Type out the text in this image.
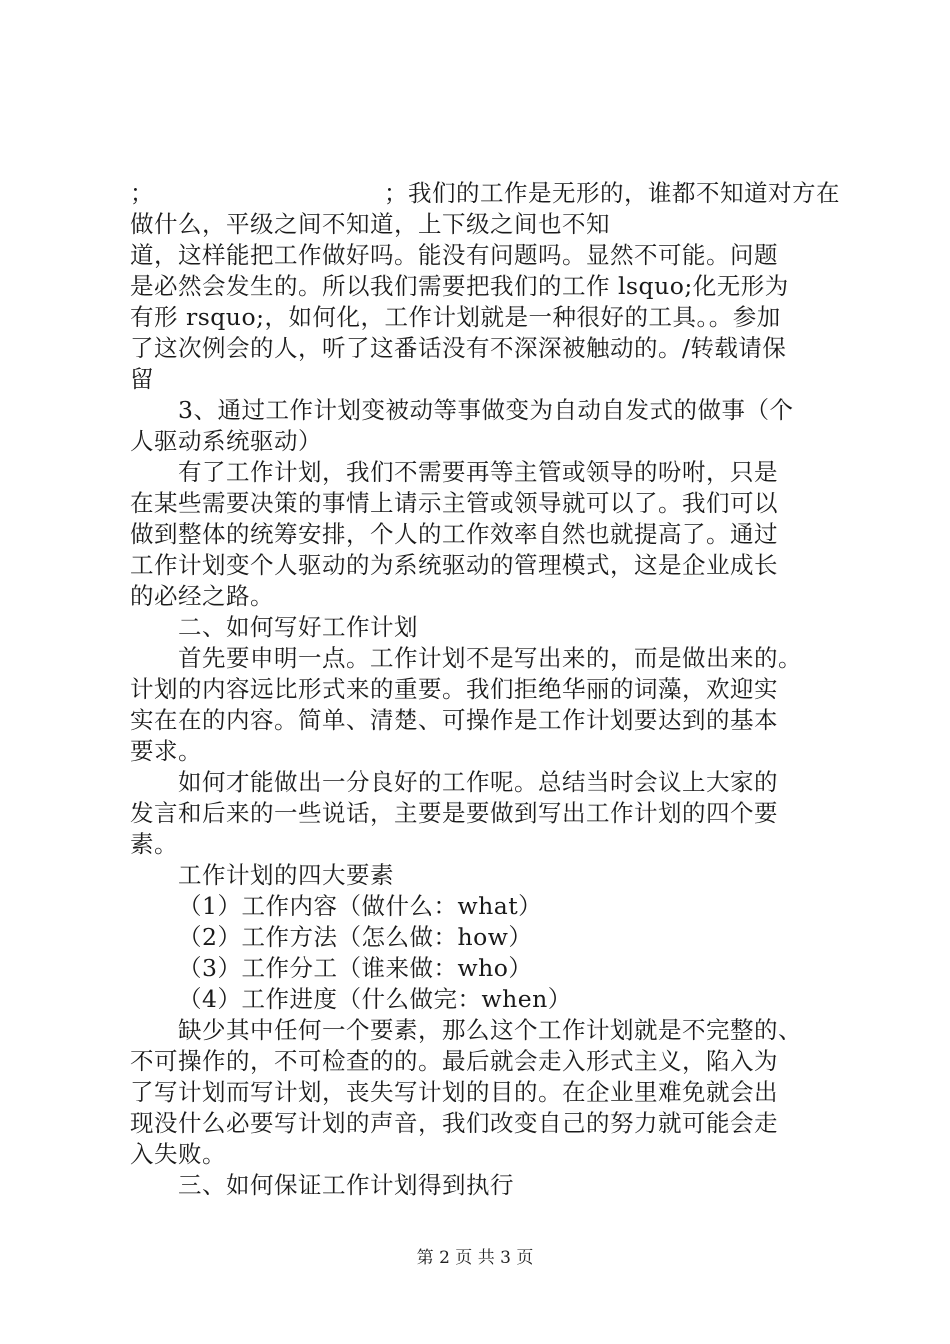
；	；我们的工作是无形的，谁都不知道对方在
做什么，平级之间不知道，上下级之间也不知
道，这样能把工作做好吗。能没有问题吗。显然不可能。问题
是必然会发生的。所以我们需要把我们的工作 lsquo;化无形为
有形 rsquo;，如何化，工作计划就是一种很好的工具。。参加
了这次例会的人，听了这番话没有不深深被触动的。/转载请保
留
3、通过工作计划变被动等事做变为自动自发式的做事（个
人驱动系统驱动）
有了工作计划，我们不需要再等主管或领导的吩咐，只是
在某些需要决策的事情上请示主管或领导就可以了。我们可以
做到整体的统筹安排，个人的工作效率自然也就提高了。通过
工作计划变个人驱动的为系统驱动的管理模式，这是企业成长
的必经之路。
二、如何写好工作计划
首先要申明一点。工作计划不是写出来的，而是做出来的。
计划的内容远比形式来的重要。我们拒绝华丽的词藻，欢迎实
实在在的内容。简单、清楚、可操作是工作计划要达到的基本
要求。
如何才能做出一分良好的工作呢。总结当时会议上大家的
发言和后来的一些说话，主要是要做到写出工作计划的四个要
素。
工作计划的四大要素
（1）工作内容（做什么：what）
（2）工作方法（怎么做：how）
（3）工作分工（谁来做：who）
（4）工作进度（什么做完：when）
缺少其中任何一个要素，那么这个工作计划就是不完整的、
不可操作的，不可检查的的。最后就会走入形式主义，陷入为
了写计划而写计划，丧失写计划的目的。在企业里难免就会出
现没什么必要写计划的声音，我们改变自己的努力就可能会走
入失败。
三、如何保证工作计划得到执行
第 2 页 共 3 页
